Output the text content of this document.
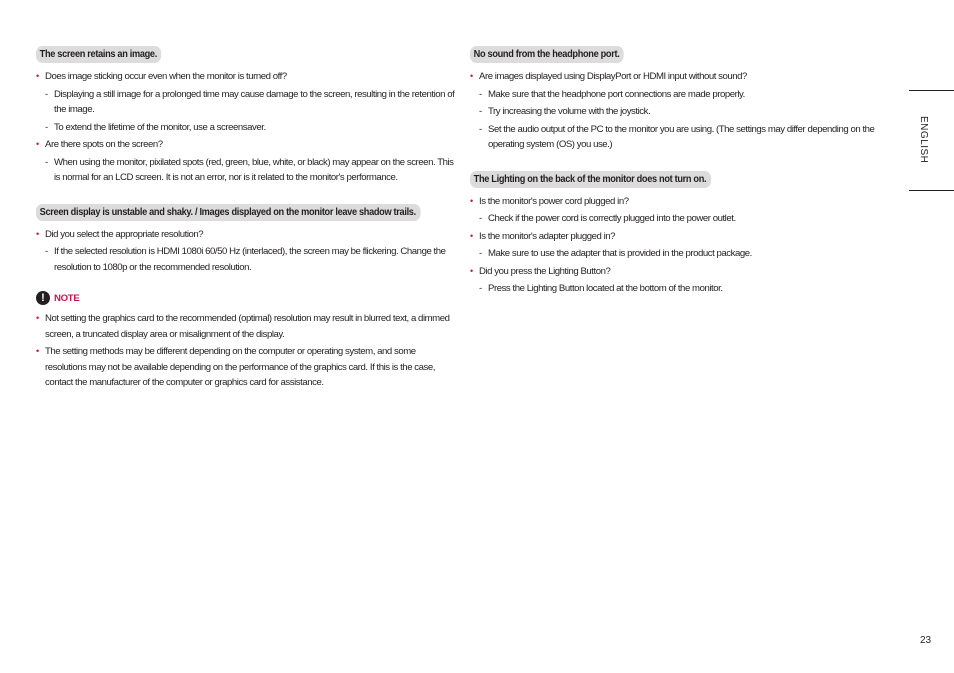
The screen retains an image.
• Does image sticking occur even when the monitor is turned off?
- Displaying a still image for a prolonged time may cause damage to the screen, resulting in the retention of the image.
- To extend the lifetime of the monitor, use a screensaver.
• Are there spots on the screen?
- When using the monitor, pixilated spots (red, green, blue, white, or black) may appear on the screen. This is normal for an LCD screen. It is not an error, nor is it related to the monitor's performance.
Screen display is unstable and shaky. / Images displayed on the monitor leave shadow trails.
• Did you select the appropriate resolution?
- If the selected resolution is HDMI 1080i 60/50 Hz (interlaced), the screen may be flickering. Change the resolution to 1080p or the recommended resolution.
! NOTE
• Not setting the graphics card to the recommended (optimal) resolution may result in blurred text, a dimmed screen, a truncated display area or misalignment of the display.
• The setting methods may be different depending on the computer or operating system, and some resolutions may not be available depending on the performance of the graphics card. If this is the case, contact the manufacturer of the computer or graphics card for assistance.
No sound from the headphone port.
• Are images displayed using DisplayPort or HDMI input without sound?
- Make sure that the headphone port connections are made properly.
- Try increasing the volume with the joystick.
- Set the audio output of the PC to the monitor you are using. (The settings may differ depending on the operating system (OS) you use.)
The Lighting on the back of the monitor does not turn on.
• Is the monitor's power cord plugged in?
- Check if the power cord is correctly plugged into the power outlet.
• Is the monitor's adapter plugged in?
- Make sure to use the adapter that is provided in the product package.
• Did you press the Lighting Button?
- Press the Lighting Button located at the bottom of the monitor.
ENGLISH
23
